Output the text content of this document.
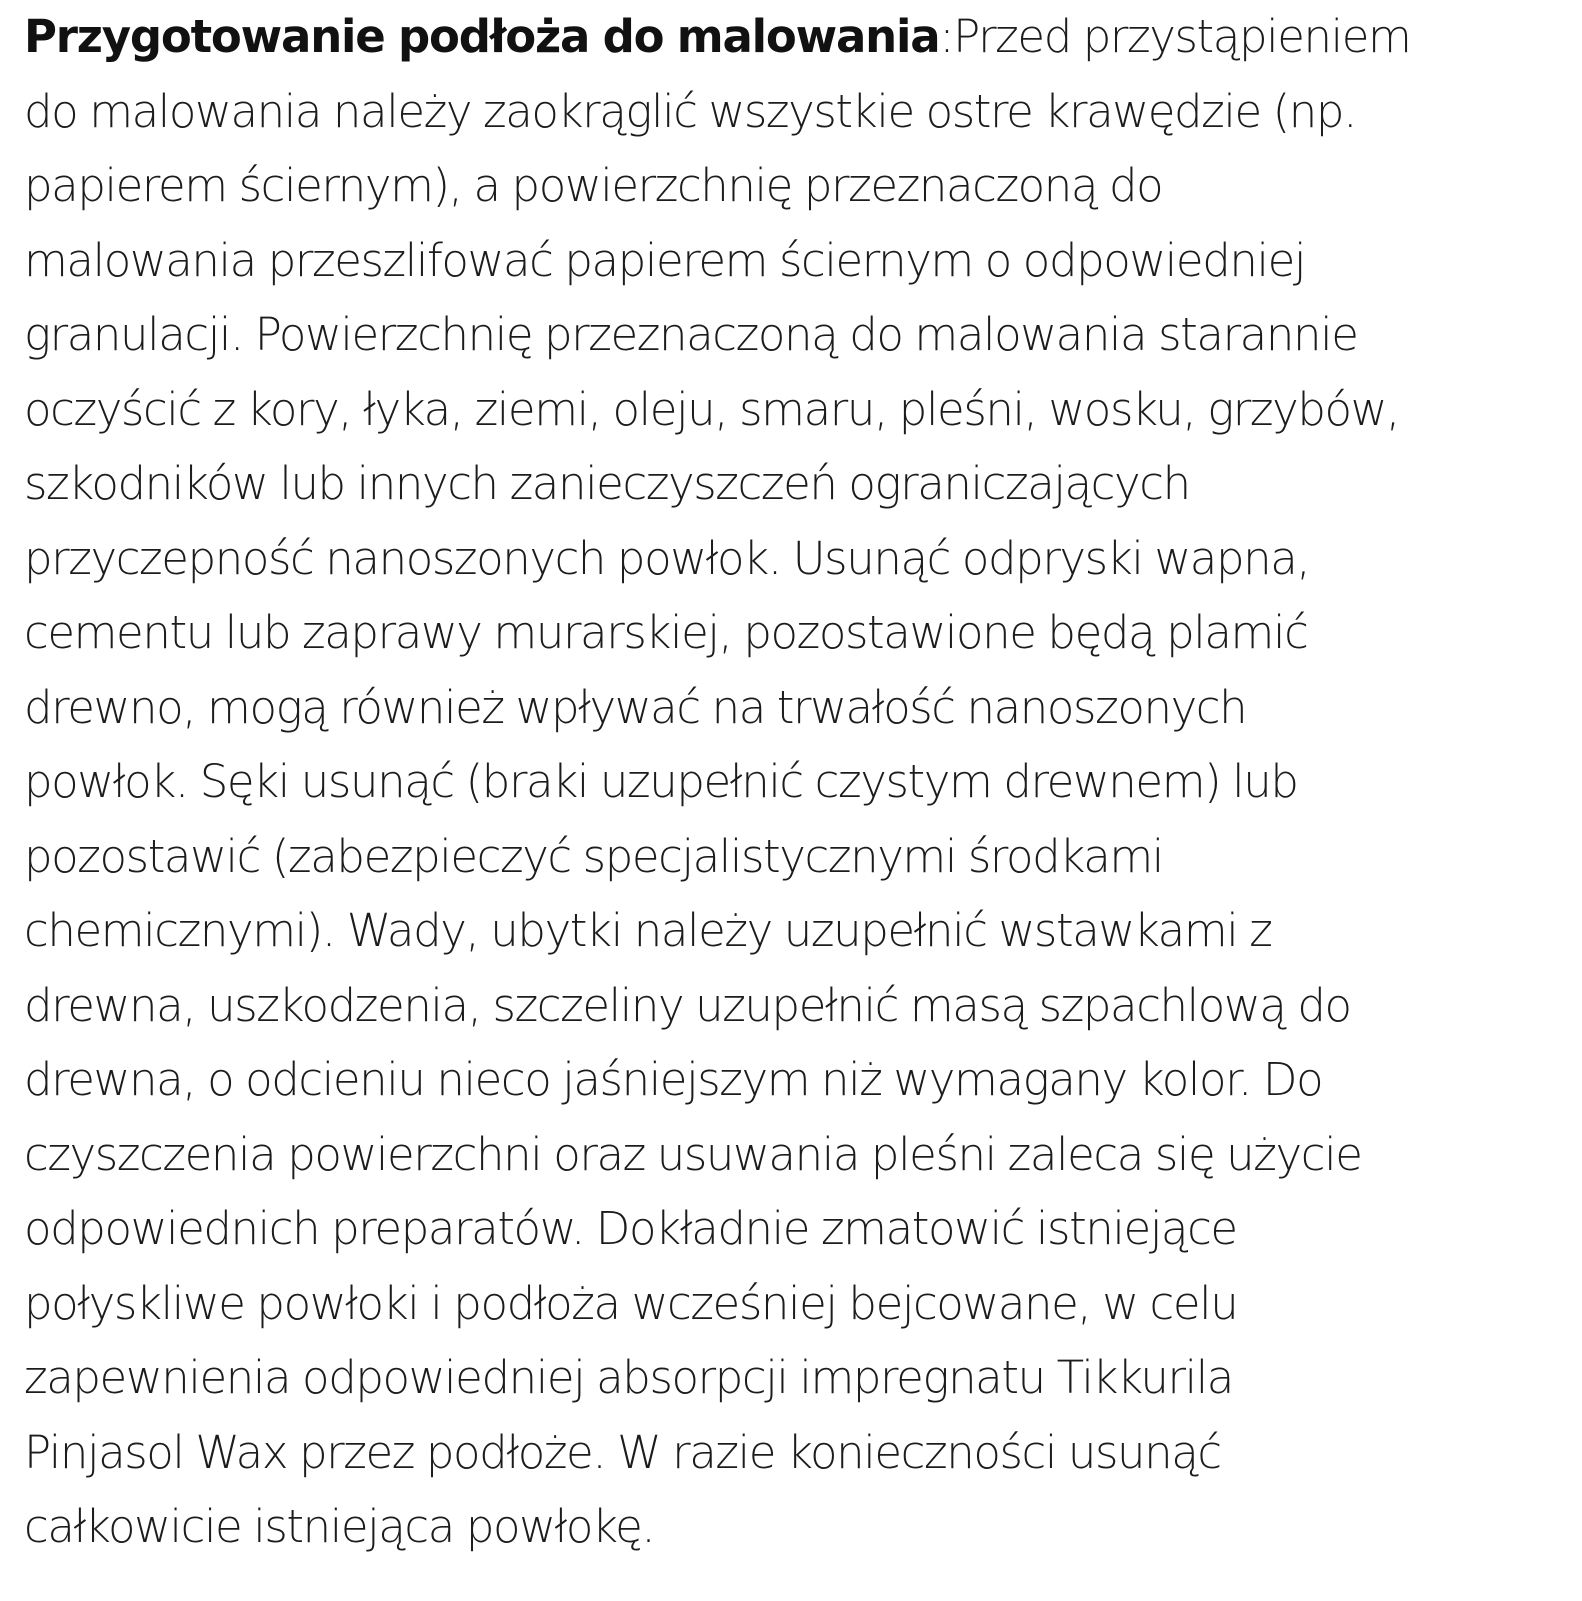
Przygotowanie podłoża do malowania:Przed przystąpieniem
do malowania należy zaokrąglić wszystkie ostre krawędzie (np.
papierem ściernym), a powierzchnię przeznaczoną do
malowania przeszlifować papierem ściernym o odpowiedniej
granulacji. Powierzchnię przeznaczoną do malowania starannie
oczyścić z kory, łyka, ziemi, oleju, smaru, pleśni, wosku, grzybów,
szkodników lub innych zanieczyszczeń ograniczających
przyczepność nanoszonych powłok. Usunąć odpryski wapna,
cementu lub zaprawy murarskiej, pozostawione będą plamić
drewno, mogą również wpływać na trwałość nanoszonych
powłok. Sęki usunąć (braki uzupełnić czystym drewnem) lub
pozostawić (zabezpieczyć specjalistycznymi środkami
chemicznymi). Wady, ubytki należy uzupełnić wstawkami z
drewna, uszkodzenia, szczeliny uzupełnić masą szpachlową do
drewna, o odcieniu nieco jaśniejszym niż wymagany kolor. Do
czyszczenia powierzchni oraz usuwania pleśni zaleca się użycie
odpowiednich preparatów. Dokładnie zmatowić istniejące
połyskliwe powłoki i podłoża wcześniej bejcowane, w celu
zapewnienia odpowiedniej absorpcji impregnatu Tikkurila
Pinjasol Wax przez podłoże. W razie konieczności usunąć
całkowicie istniejąca powłokę.
